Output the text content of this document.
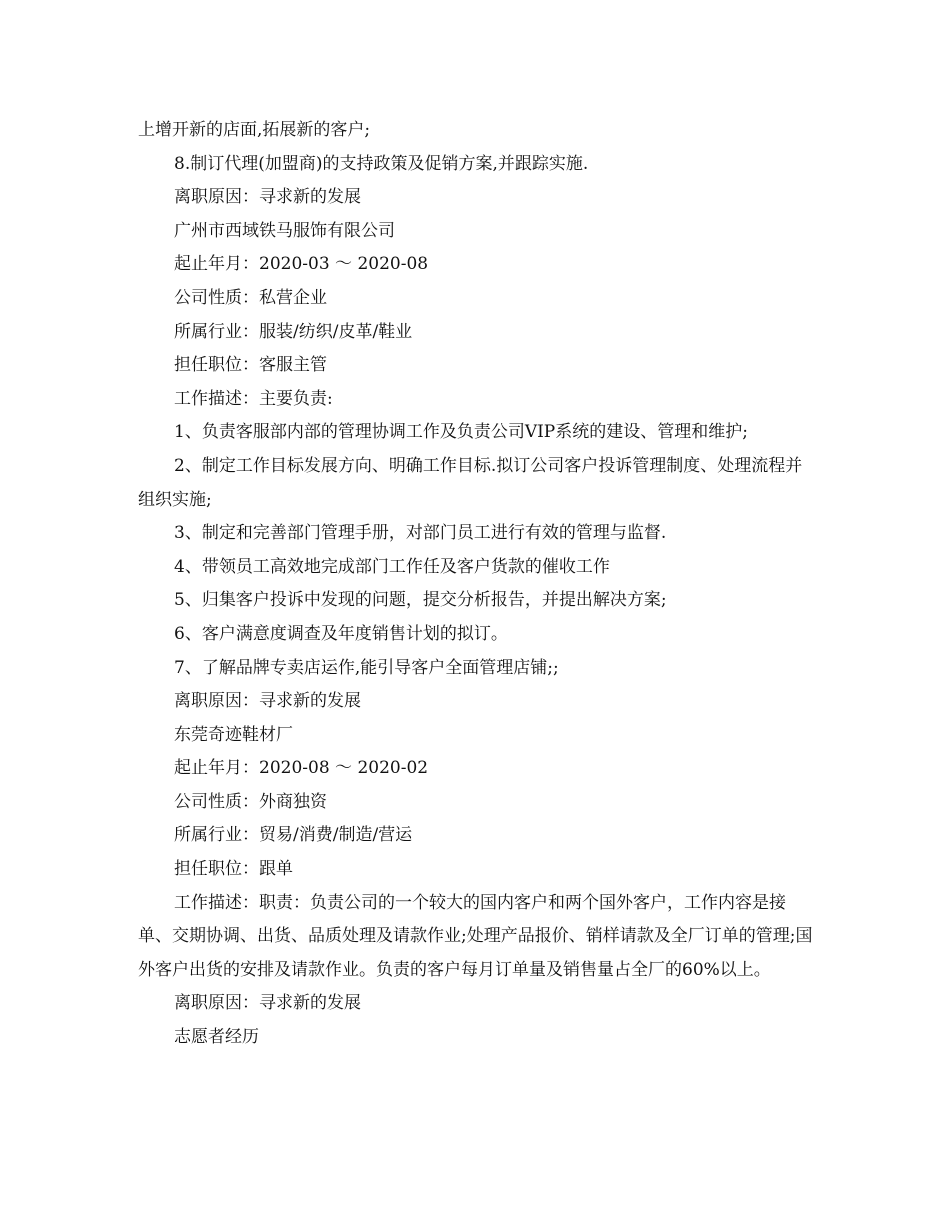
上增开新的店面,拓展新的客户;

8.制订代理(加盟商)的支持政策及促销方案,并跟踪实施.

离职原因：寻求新的发展

广州市西域铁马服饰有限公司

起止年月：2020-03 ～ 2020-08

公司性质：私营企业

所属行业：服装/纺织/皮革/鞋业

担任职位：客服主管

工作描述：主要负责:

1、负责客服部内部的管理协调工作及负责公司VIP系统的建设、管理和维护;

2、制定工作目标发展方向、明确工作目标.拟订公司客户投诉管理制度、处理流程并组织实施;

3、制定和完善部门管理手册，对部门员工进行有效的管理与监督.

4、带领员工高效地完成部门工作任及客户货款的催收工作

5、归集客户投诉中发现的问题，提交分析报告，并提出解决方案;

6、客户满意度调查及年度销售计划的拟订。

7、了解品牌专卖店运作,能引导客户全面管理店铺;;

离职原因：寻求新的发展

东莞奇迹鞋材厂

起止年月：2020-08 ～ 2020-02

公司性质：外商独资

所属行业：贸易/消费/制造/营运

担任职位：跟单

工作描述：职责：负责公司的一个较大的国内客户和两个国外客户，工作内容是接单、交期协调、出货、品质处理及请款作业;处理产品报价、销样请款及全厂订单的管理;国外客户出货的安排及请款作业。负责的客户每月订单量及销售量占全厂的60%以上。

离职原因：寻求新的发展

志愿者经历
